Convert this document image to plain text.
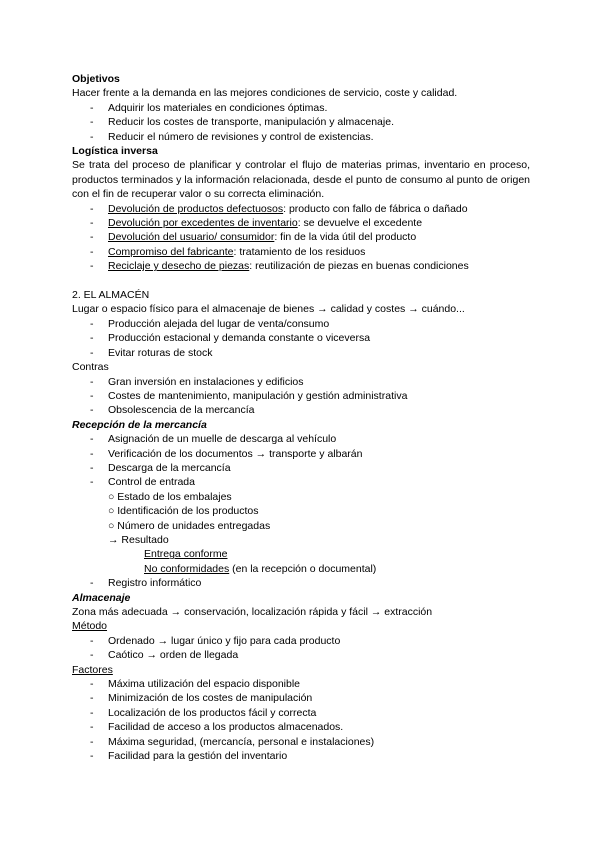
Objetivos
Hacer frente a la demanda en las mejores condiciones de servicio, coste y calidad.
- Adquirir los materiales en condiciones óptimas.
- Reducir los costes de transporte, manipulación y almacenaje.
- Reducir el número de revisiones y control de existencias.
Logística inversa
Se trata del proceso de planificar y controlar el flujo de materias primas, inventario en proceso, productos terminados y la información relacionada, desde el punto de consumo al punto de origen con el fin de recuperar valor o su correcta eliminación.
- Devolución de productos defectuosos: producto con fallo de fábrica o dañado
- Devolución por excedentes de inventario: se devuelve el excedente
- Devolución del usuario/ consumidor: fin de la vida útil del producto
- Compromiso del fabricante: tratamiento de los residuos
- Reciclaje y desecho de piezas: reutilización de piezas en buenas condiciones
2. EL ALMACÉN
Lugar o espacio físico para el almacenaje de bienes → calidad y costes → cuándo...
- Producción alejada del lugar de venta/consumo
- Producción estacional y demanda constante o viceversa
- Evitar roturas de stock
Contras
- Gran inversión en instalaciones y edificios
- Costes de mantenimiento, manipulación y gestión administrativa
- Obsolescencia de la mercancía
Recepción de la mercancía
- Asignación de un muelle de descarga al vehículo
- Verificación de los documentos → transporte y albarán
- Descarga de la mercancía
- Control de entrada
○ Estado de los embalajes
○ Identificación de los productos
○ Número de unidades entregadas
→ Resultado
Entrega conforme
No conformidades (en la recepción o documental)
- Registro informático
Almacenaje
Zona más adecuada → conservación, localización rápida y fácil → extracción
Método
- Ordenado → lugar único y fijo para cada producto
- Caótico → orden de llegada
Factores
- Máxima utilización del espacio disponible
- Minimización de los costes de manipulación
- Localización de los productos fácil y correcta
- Facilidad de acceso a los productos almacenados.
- Máxima seguridad, (mercancía, personal e instalaciones)
- Facilidad para la gestión del inventario
